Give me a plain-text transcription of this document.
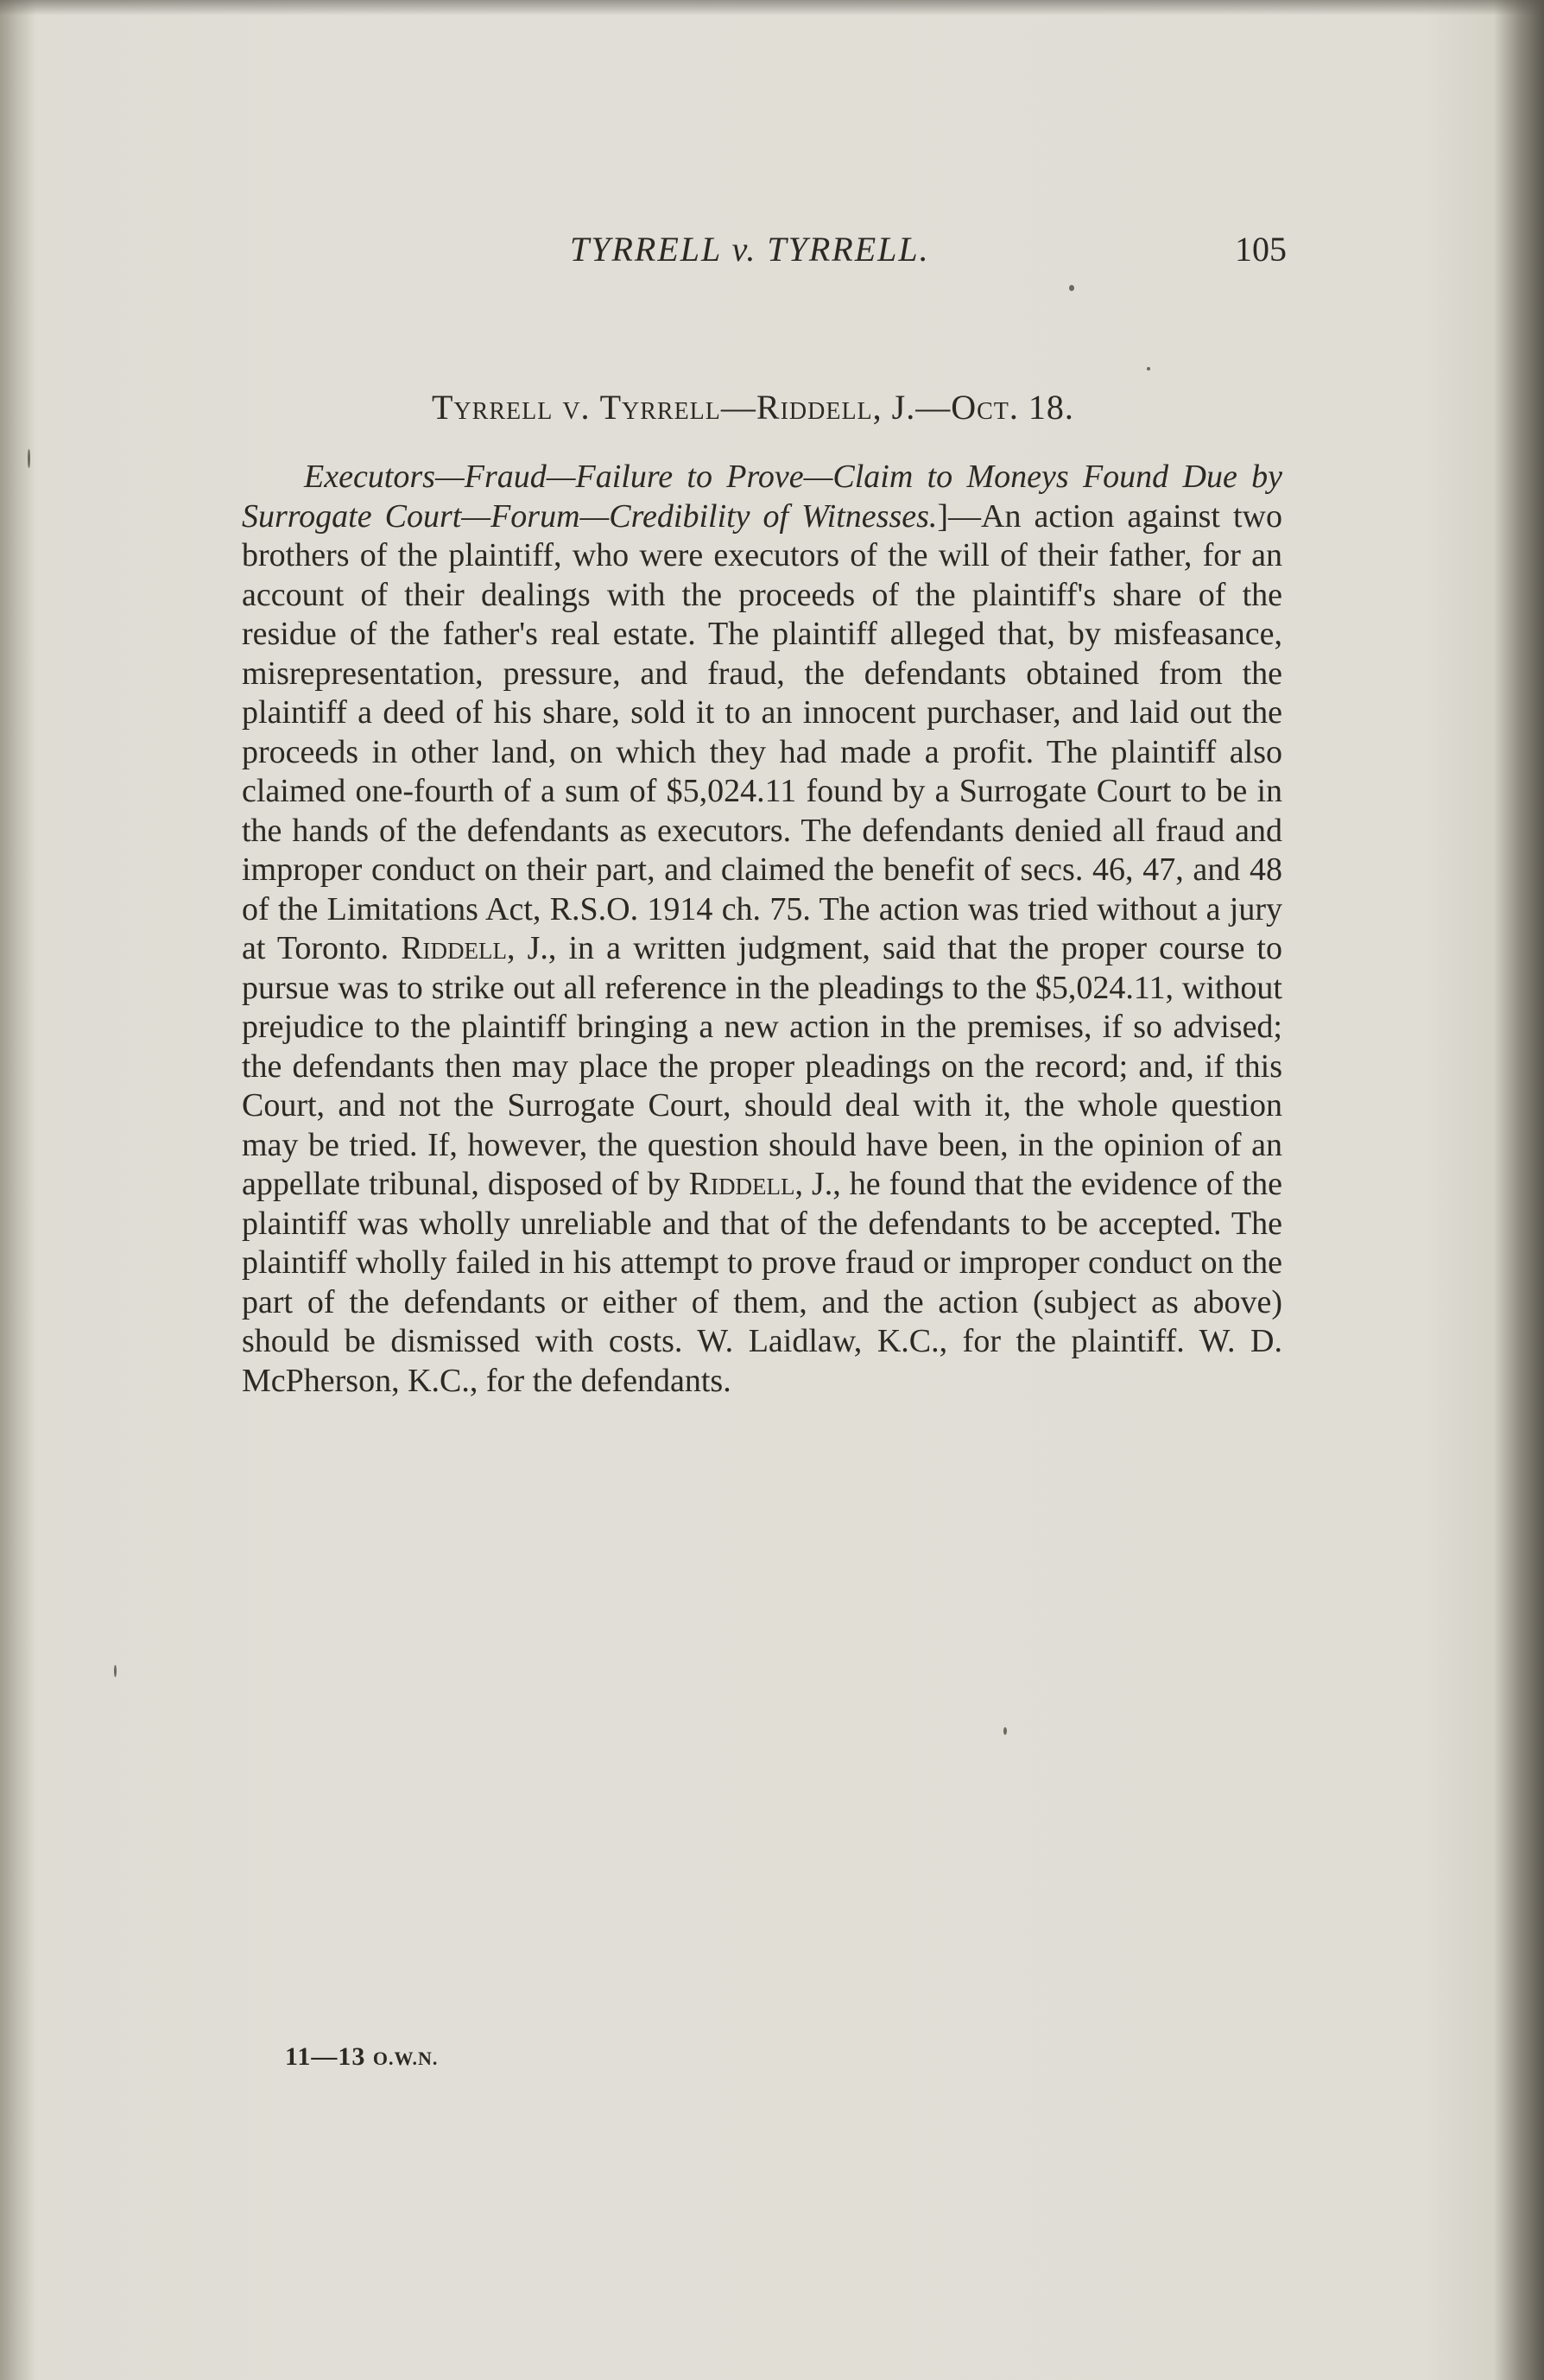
TYRRELL v. TYRRELL.	105
Tyrrell v. Tyrrell—Riddell, J.—Oct. 18.

Executors—Fraud—Failure to Prove—Claim to Moneys Found Due by Surrogate Court—Forum—Credibility of Witnesses.]—An action against two brothers of the plaintiff, who were executors of the will of their father, for an account of their dealings with the proceeds of the plaintiff's share of the residue of the father's real estate. The plaintiff alleged that, by misfeasance, misrepresentation, pressure, and fraud, the defendants obtained from the plaintiff a deed of his share, sold it to an innocent purchaser, and laid out the proceeds in other land, on which they had made a profit. The plaintiff also claimed one-fourth of a sum of $5,024.11 found by a Surrogate Court to be in the hands of the defendants as executors. The defendants denied all fraud and improper conduct on their part, and claimed the benefit of secs. 46, 47, and 48 of the Limitations Act, R.S.O. 1914 ch. 75. The action was tried without a jury at Toronto. Riddell, J., in a written judgment, said that the proper course to pursue was to strike out all reference in the pleadings to the $5,024.11, without prejudice to the plaintiff bringing a new action in the premises, if so advised; the defendants then may place the proper pleadings on the record; and, if this Court, and not the Surrogate Court, should deal with it, the whole question may be tried. If, however, the question should have been, in the opinion of an appellate tribunal, disposed of by Riddell, J., he found that the evidence of the plaintiff was wholly unreliable and that of the defendants to be accepted. The plaintiff wholly failed in his attempt to prove fraud or improper conduct on the part of the defendants or either of them, and the action (subject as above) should be dismissed with costs. W. Laidlaw, K.C., for the plaintiff. W. D. McPherson, K.C., for the defendants.

11—13 O.W.N.
